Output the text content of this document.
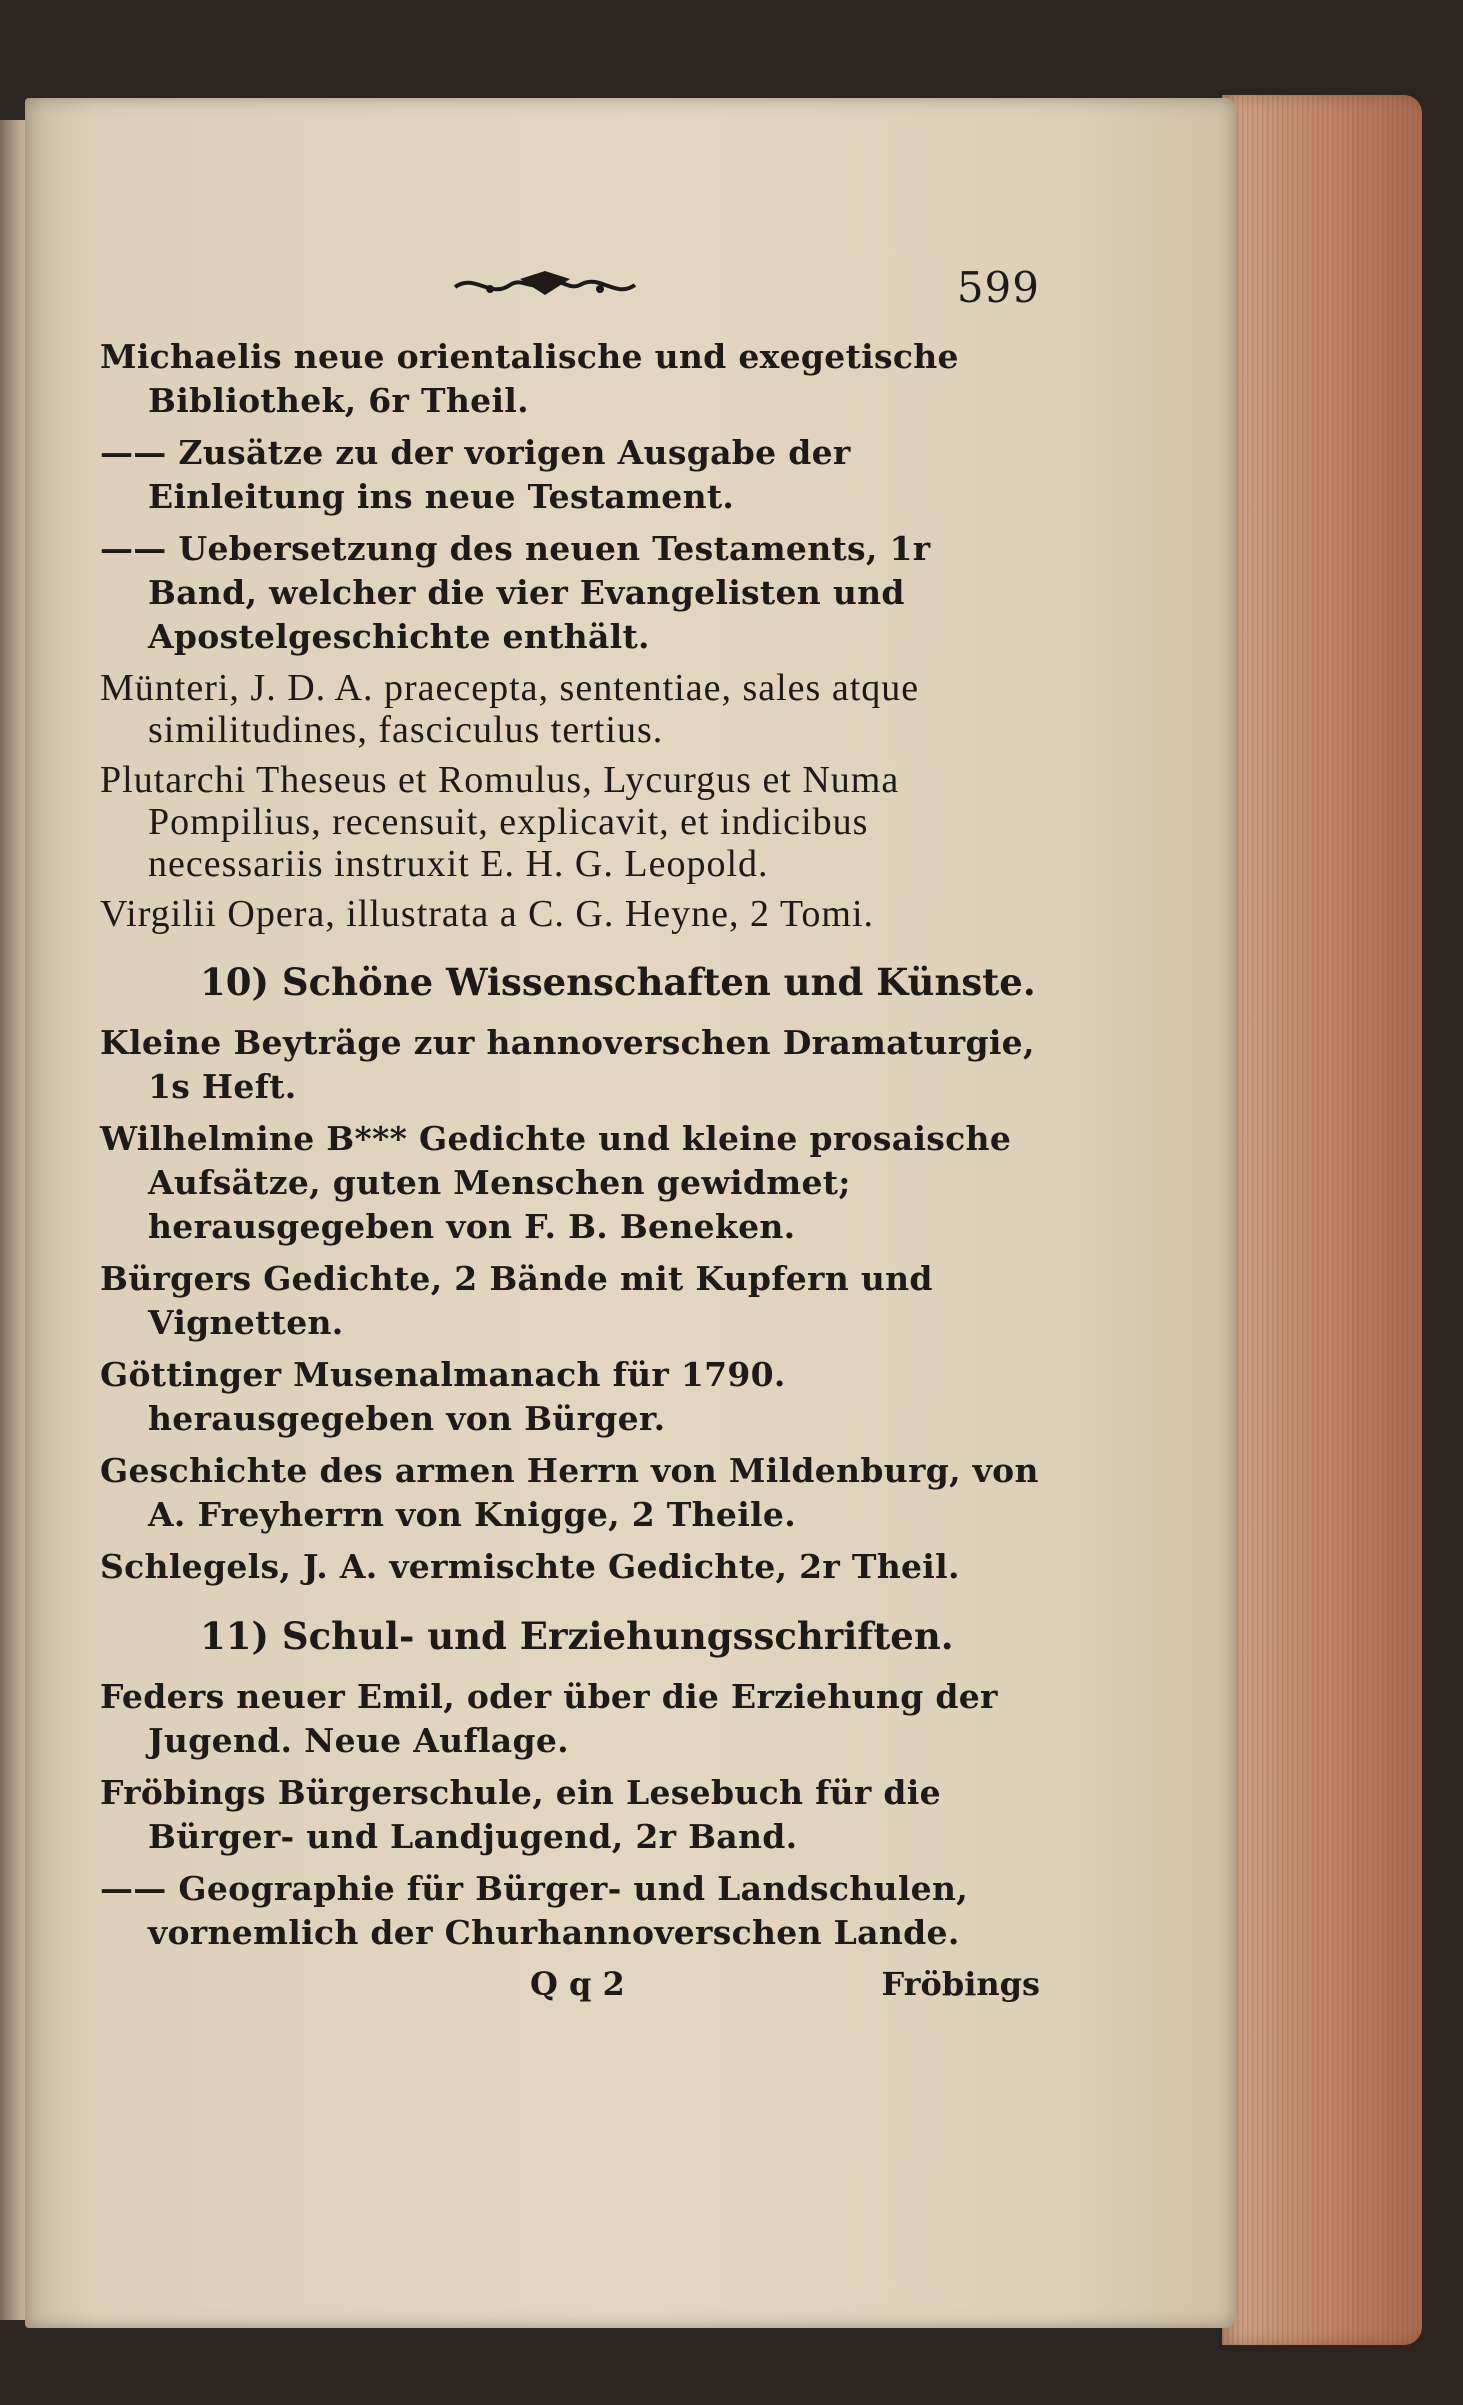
599

Michaelis neue orientalische und exegetische Bibliothek, 6r Theil.

—— Zusätze zu der vorigen Ausgabe der Einleitung ins neue Testament.

—— Uebersetzung des neuen Testaments, 1r Band, welcher die vier Evangelisten und Apostelgeschichte enthält.

Münteri, J. D. A. praecepta, sententiae, sales atque similitudines, fasciculus tertius.

Plutarchi Theseus et Romulus, Lycurgus et Numa Pompilius, recensuit, explicavit, et indicibus necessariis instruxit E. H. G. Leopold.

Virgilii Opera, illustrata a C. G. Heyne, 2 Tomi.

10) Schöne Wissenschaften und Künste.

Kleine Beyträge zur hannoverschen Dramaturgie, 1s Heft.

Wilhelmine B*** Gedichte und kleine prosaische Aufsätze, guten Menschen gewidmet; herausgegeben von F. B. Beneken.

Bürgers Gedichte, 2 Bände mit Kupfern und Vignetten.

Göttinger Musenalmanach für 1790. herausgegeben von Bürger.

Geschichte des armen Herrn von Mildenburg, von A. Freyherrn von Knigge, 2 Theile.

Schlegels, J. A. vermischte Gedichte, 2r Theil.

11) Schul- und Erziehungsschriften.

Feders neuer Emil, oder über die Erziehung der Jugend. Neue Auflage.

Fröbings Bürgerschule, ein Lesebuch für die Bürger- und Landjugend, 2r Band.

—— Geographie für Bürger- und Landschulen, vornemlich der Churhannoverschen Lande.

Q q 2	Fröbings
